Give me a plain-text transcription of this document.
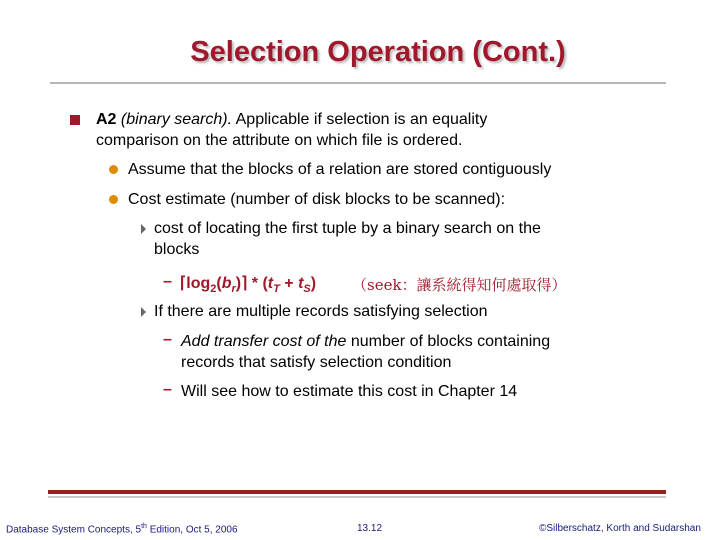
Selection Operation (Cont.)
A2 (binary search). Applicable if selection is an equality
comparison on the attribute on which file is ordered.
Assume that the blocks of a relation are stored contiguously
Cost estimate (number of disk blocks to be scanned):
cost of locating the first tuple by a binary search on the
blocks
– $⌈\log_2(b_r)⌉ * (t_T + t_S)$ （seek：讓系統得知何處取得）
If there are multiple records satisfying selection
– Add transfer cost of the number of blocks containing
records that satisfy selection condition
– Will see how to estimate this cost in Chapter 14
Database System Concepts, 5th Edition, Oct 5, 2006	13.12	©Silberschatz, Korth and Sudarshan
